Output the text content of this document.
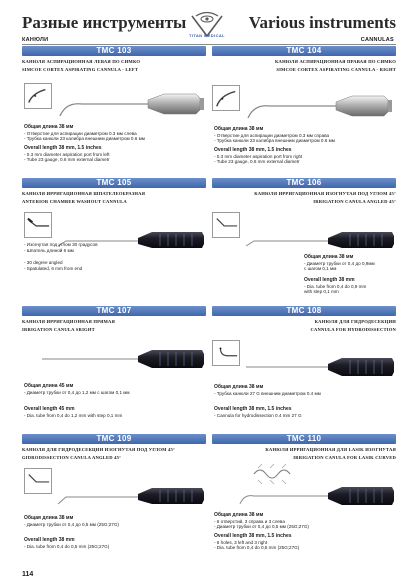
Разные инструменты	Various instruments
КАНЮЛИ	CANNULAS
TITAN MEDICAL
TMC 103
КАНЮЛЯ АСПИРАЦИОННАЯ ЛЕВАЯ ПО СИМКО
SIMCOE CORTEX ASPIRATING CANNULA - LEFT
Общая длина 38 мм
- Отверстие для аспирации диаметром 0.3 мм слева
- Трубка канюли 23 калибра внешним диаметром 0.6 мм
Overall length 38 mm, 1.5 inches
- 0.3 mm diameter aspiration port from left
- Tube 23 gauge, 0.6 mm external diametr
TMC 104
КАНЮЛЯ АСПИРАЦИОННАЯ ПРАВАЯ ПО СИМКО
SIMCOE CORTEX ASPIRATING CANNULA - RIGHT
Общая длина 38 мм
- Отверстие для аспирации диаметром 0.3 мм справа
- Трубка канюли 23 калибра внешним диаметром 0.6 мм
Overall length 38 mm, 1.5 inches
- 0.3 mm diameter aspiration port from right
- Tube 23 gauge, 0.6 mm external diametr
TMC 105
КАНЮЛЯ ИРРИГАЦИОННАЯ ШПАТЕЛЕОБРАЗНАЯ
ANTERIOR CHAMBER WASHOUT CANNULA
- Изогнутая под углом 30 градусов
- Шпатель длиной 6 мм
- 30 degree angled
- Spatulated, 6 mm from end
TMC 106
КАНЮЛЯ ИРРИГАЦИОННАЯ ИЗОГНУТАЯ ПОД УГЛОМ 45°
IRRIGATION CANULA ANGLED 45°
Общая длина 38 мм
- Диаметр трубки от 0,4 до 0,9мм
с шагом 0,1 мм
Overall length 38 mm
- Dia. tube from 0,4 do 0,9 mm
with step 0,1 mm
TMC 107
КАНЮЛЯ ИРРИГАЦИОННАЯ ПРЯМАЯ
IRRIGATION CANULA SRIGHT
Общая длина 45 мм
- Диаметр трубки от 0,4 до 1,2 мм с шагом 0,1 мм
Overall length 45 mm
- Dia. tube from 0,4 do 1,2 mm with step 0,1 mm
TMC 108
КАНЮЛЯ ДЛЯ ГИДРОДЕСЕКЦИИ
CANNULA FOR HYDRODISSECTION
Общая длина 38 мм
- Трубка канюли 27 G внешним диаметром 0.4 мм
Overall length 38 mm, 1.5 inches
- Cannula for hydrodissection 0.4 mm 27 G
TMC 109
КАНЮЛЯ ДЛЯ ГИДРОДЕСЕКЦИИ ИЗОГНУТАЯ ПОД УГЛОМ 45°
GIDRODISSECTION CANULA ANGLED 45°
Общая длина 38 мм
- Диаметр трубки от 0,4 до 0,5 мм (25G;27G)
Overall length 38 mm
- Dia. tube from 0,4 do 0,5 mm (25G;27G)
TMC 110
КАНЮЛЯ ИРРИГАЦИОННАЯ ДЛЯ LASIK ИЗОГНУТАЯ
IRRIGATION CANULA FOR LASIK CURVED
Общая длина 38 мм
- 6 отверстий, 3 справа и 3 слева
- Диаметр трубки от 0,4 до 0,5 мм (25G;27G)
Overall length 38 mm, 1.5 inches
- 6 holes, 3 left and 3 right
- Dia. tube from 0,4 do 0,5 mm (25G;27G)
114
